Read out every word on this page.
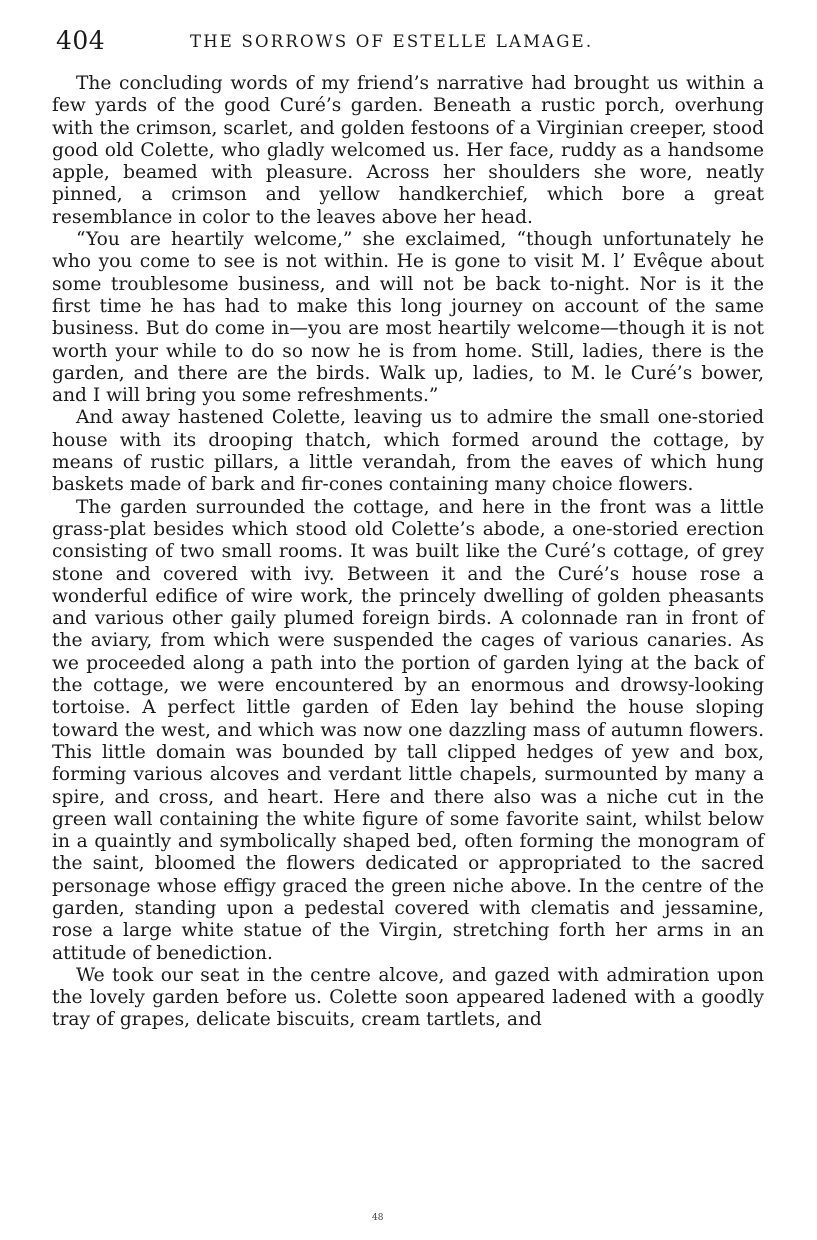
404	THE SORROWS OF ESTELLE LAMAGE.

The concluding words of my friend’s narrative had brought us within a few yards of the good Curé’s garden. Beneath a rustic porch, overhung with the crimson, scarlet, and golden festoons of a Virginian creeper, stood good old Colette, who gladly welcomed us. Her face, ruddy as a handsome apple, beamed with pleasure. Across her shoulders she wore, neatly pinned, a crimson and yellow handkerchief, which bore a great resemblance in color to the leaves above her head.

“You are heartily welcome,” she exclaimed, “though unfortunately he who you come to see is not within. He is gone to visit M. l’ Evêque about some troublesome business, and will not be back to-night. Nor is it the first time he has had to make this long journey on account of the same business. But do come in—you are most heartily welcome—though it is not worth your while to do so now he is from home. Still, ladies, there is the garden, and there are the birds. Walk up, ladies, to M. le Curé’s bower, and I will bring you some refreshments.”

And away hastened Colette, leaving us to admire the small one-storied house with its drooping thatch, which formed around the cottage, by means of rustic pillars, a little verandah, from the eaves of which hung baskets made of bark and fir-cones containing many choice flowers.

The garden surrounded the cottage, and here in the front was a little grass-plat besides which stood old Colette’s abode, a one-storied erection consisting of two small rooms. It was built like the Curé’s cottage, of grey stone and covered with ivy. Between it and the Curé’s house rose a wonderful edifice of wire work, the princely dwelling of golden pheasants and various other gaily plumed foreign birds. A colonnade ran in front of the aviary, from which were suspended the cages of various canaries. As we proceeded along a path into the portion of garden lying at the back of the cottage, we were encountered by an enormous and drowsy-looking tortoise. A perfect little garden of Eden lay behind the house sloping toward the west, and which was now one dazzling mass of autumn flowers. This little domain was bounded by tall clipped hedges of yew and box, forming various alcoves and verdant little chapels, surmounted by many a spire, and cross, and heart. Here and there also was a niche cut in the green wall containing the white figure of some favorite saint, whilst below in a quaintly and symbolically shaped bed, often forming the monogram of the saint, bloomed the flowers dedicated or appropriated to the sacred personage whose effigy graced the green niche above. In the centre of the garden, standing upon a pedestal covered with clematis and jessamine, rose a large white statue of the Virgin, stretching forth her arms in an attitude of benediction.

We took our seat in the centre alcove, and gazed with admiration upon the lovely garden before us. Colette soon appeared ladened with a goodly tray of grapes, delicate biscuits, cream tartlets, and

48
